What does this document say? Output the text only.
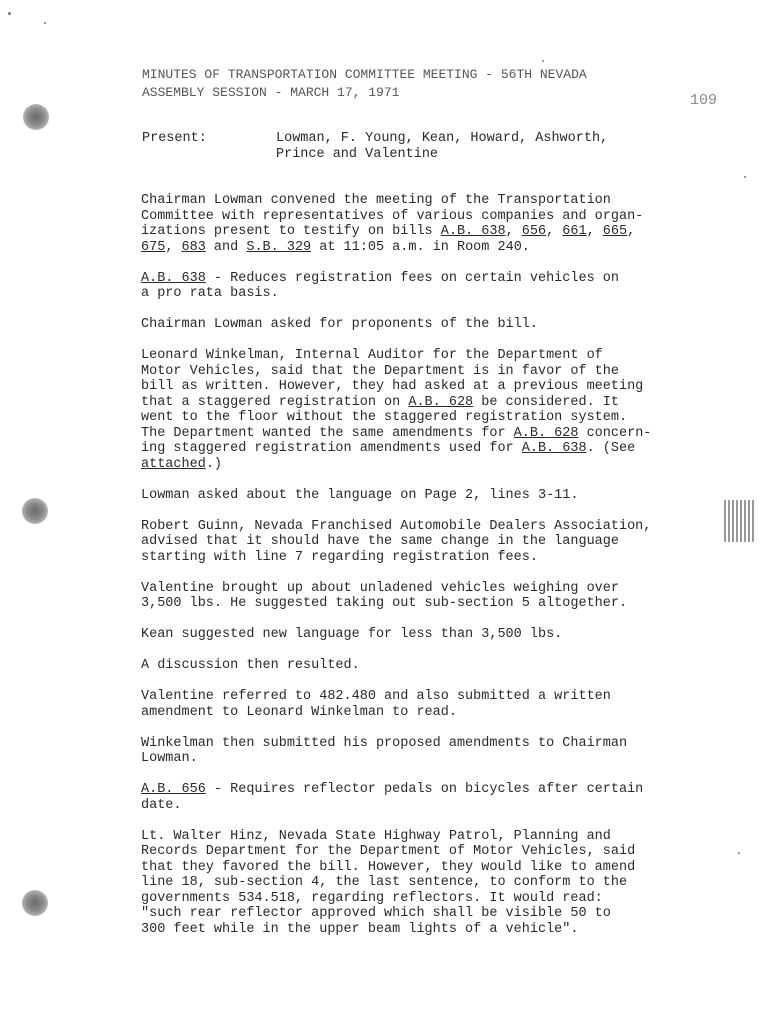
MINUTES OF TRANSPORTATION COMMITTEE MEETING - 56TH NEVADA
ASSEMBLY SESSION - MARCH 17, 1971	109
Present:	Lowman, F. Young, Kean, Howard, Ashworth,
Prince and Valentine

Chairman Lowman convened the meeting of the Transportation
Committee with representatives of various companies and organ-
izations present to testify on bills A.B. 638, 656, 661, 665,
675, 683 and S.B. 329 at 11:05 a.m. in Room 240.

A.B. 638 - Reduces registration fees on certain vehicles on
a pro rata basis.

Chairman Lowman asked for proponents of the bill.

Leonard Winkelman, Internal Auditor for the Department of
Motor Vehicles, said that the Department is in favor of the
bill as written. However, they had asked at a previous meeting
that a staggered registration on A.B. 628 be considered. It
went to the floor without the staggered registration system.
The Department wanted the same amendments for A.B. 628 concern-
ing staggered registration amendments used for A.B. 638. (See
attached.)

Lowman asked about the language on Page 2, lines 3-11.

Robert Guinn, Nevada Franchised Automobile Dealers Association,
advised that it should have the same change in the language
starting with line 7 regarding registration fees.

Valentine brought up about unladened vehicles weighing over
3,500 lbs. He suggested taking out sub-section 5 altogether.

Kean suggested new language for less than 3,500 lbs.

A discussion then resulted.

Valentine referred to 482.480 and also submitted a written
amendment to Leonard Winkelman to read.

Winkelman then submitted his proposed amendments to Chairman
Lowman.

A.B. 656 - Requires reflector pedals on bicycles after certain
date.

Lt. Walter Hinz, Nevada State Highway Patrol, Planning and
Records Department for the Department of Motor Vehicles, said
that they favored the bill. However, they would like to amend
line 18, sub-section 4, the last sentence, to conform to the
governments 534.518, regarding reflectors. It would read:
"such rear reflector approved which shall be visible 50 to
300 feet while in the upper beam lights of a vehicle".
